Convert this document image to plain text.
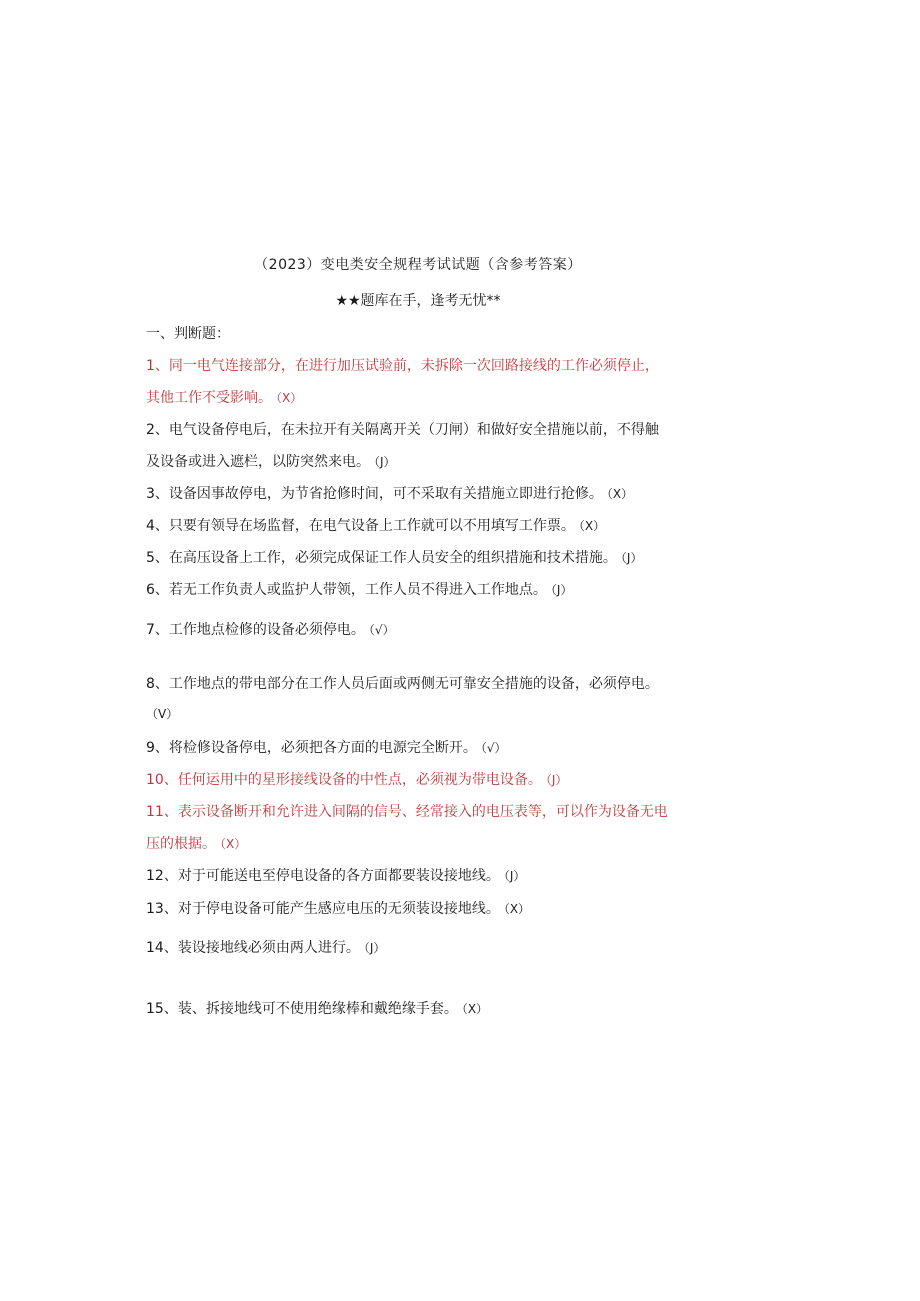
（2023）变电类安全规程考试试题（含参考答案）
★★题库在手，逢考无忧**
一、判断题：
1、同一电气连接部分，在进行加压试验前，未拆除一次回路接线的工作必须停止，
其他工作不受影响。 （X）
2、电气设备停电后，在未拉开有关隔离开关（刀闸）和做好安全措施以前，不得触
及设备或进入遮栏，以防突然来电。 （J）
3、设备因事故停电，为节省抢修时间，可不采取有关措施立即进行抢修。 （X）
4、只要有领导在场监督，在电气设备上工作就可以不用填写工作票。 （X）
5、在高压设备上工作，必须完成保证工作人员安全的组织措施和技术措施。 （J）
6、若无工作负责人或监护人带领，工作人员不得进入工作地点。 （J）
7、工作地点检修的设备必须停电。 （√）
8、工作地点的带电部分在工作人员后面或两侧无可靠安全措施的设备，必须停电。
（V）
9、将检修设备停电，必须把各方面的电源完全断开。 （√）
10、任何运用中的星形接线设备的中性点，必须视为带电设备。 （J）
11、表示设备断开和允许进入间隔的信号、经常接入的电压表等，可以作为设备无电
压的根据。 （X）
12、对于可能送电至停电设备的各方面都要装设接地线。 （J）
13、对于停电设备可能产生感应电压的无须装设接地线。 （X）
14、装设接地线必须由两人进行。 （J）
15、装、拆接地线可不使用绝缘棒和戴绝缘手套。 （X）
